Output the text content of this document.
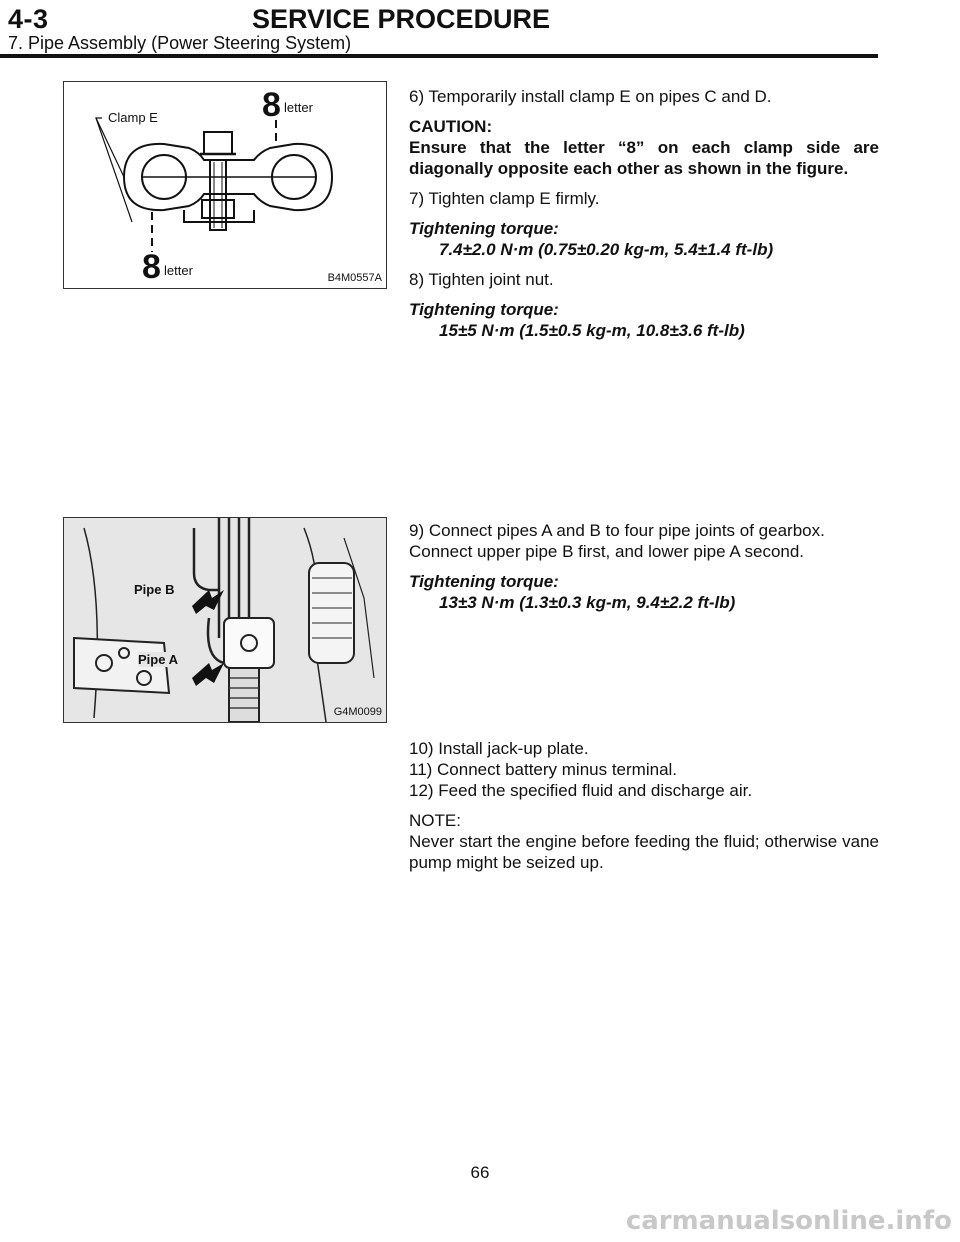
4-3	SERVICE PROCEDURE
7. Pipe Assembly (Power Steering System)
Clamp E	8 letter
8 letter	B4M0557A

6) Temporarily install clamp E on pipes C and D.

CAUTION:

Ensure that the letter “8” on each clamp side are diagonally opposite each other as shown in the figure.

7) Tighten clamp E firmly.

Tightening torque:

7.4±2.0 N·m (0.75±0.20 kg-m, 5.4±1.4 ft-lb)

8) Tighten joint nut.

Tightening torque:

15±5 N·m (1.5±0.5 kg-m, 10.8±3.6 ft-lb)

Pipe B
Pipe A
G4M0099

9) Connect pipes A and B to four pipe joints of gearbox.

Connect upper pipe B first, and lower pipe A second.

Tightening torque:

13±3 N·m (1.3±0.3 kg-m, 9.4±2.2 ft-lb)

10) Install jack-up plate.

11) Connect battery minus terminal.

12) Feed the specified fluid and discharge air.

NOTE:

Never start the engine before feeding the fluid; otherwise vane pump might be seized up.

66
carmanualsonline.info
